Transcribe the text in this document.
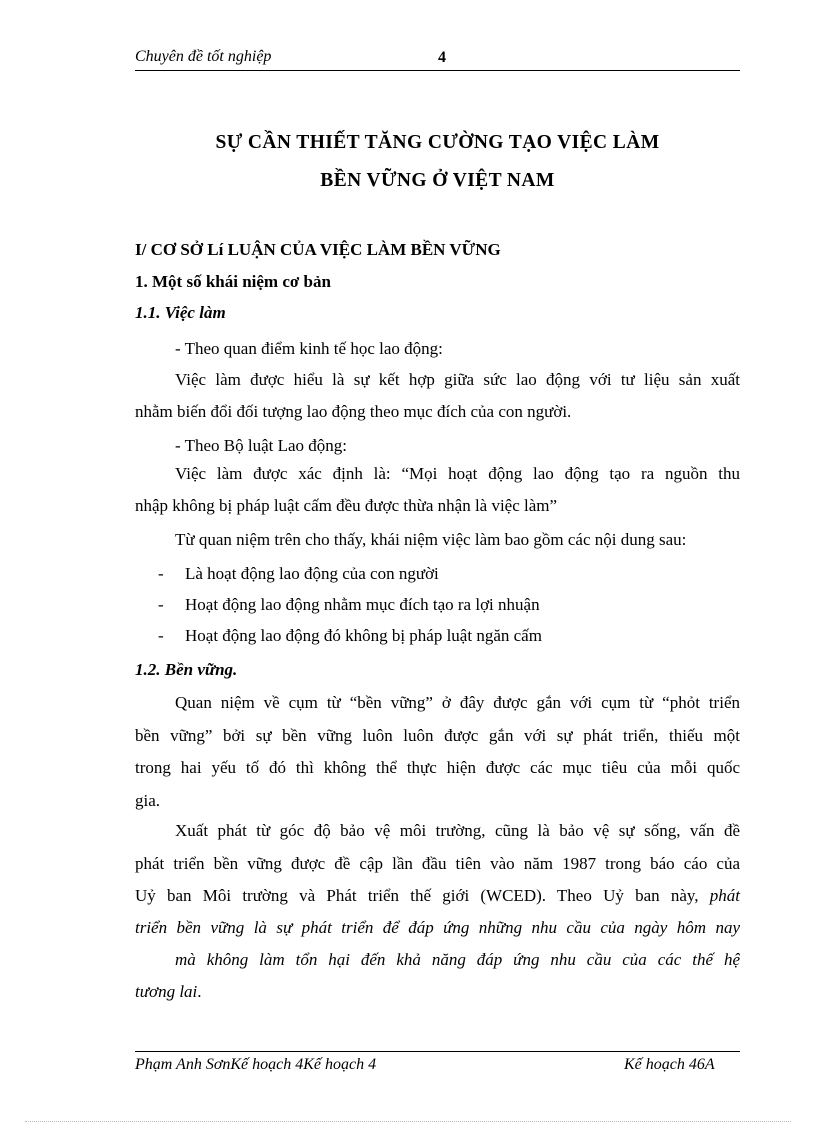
Chuyên đề tốt nghiệp	4
SỰ CẦN THIẾT TĂNG CƯỜNG TẠO VIỆC LÀM
BỀN VỮNG Ở VIỆT NAM
I/ CƠ SỞ Lí LUẬN CỦA VIỆC LÀM BỀN VỮNG
1. Một số khái niệm cơ bản
1.1. Việc làm
- Theo quan điểm kinh tế học lao động:
Việc làm được hiểu là sự kết hợp giữa sức lao động với tư liệu sản xuất
nhằm biến đổi đối tượng lao động theo mục đích của con người.
- Theo Bộ luật Lao động:
Việc làm được xác định là: “Mọi hoạt động lao động tạo ra nguồn thu
nhập không bị pháp luật cấm đều được thừa nhận là việc làm”
Từ quan niệm trên cho thấy, khái niệm việc làm bao gồm các nội dung sau:
- Là hoạt động lao động của con người
- Hoạt động lao động nhằm mục đích tạo ra lợi nhuận
- Hoạt động lao động đó không bị pháp luật ngăn cấm
1.2. Bền vững.
Quan niệm về cụm từ “bền vững” ở đây được gắn với cụm từ “phỏt triển
bền vững” bởi sự bền vững luôn luôn được gắn với sự phát triển, thiếu một
trong hai yếu tố đó thì không thể thực hiện được các mục tiêu của mỗi quốc
gia.
Xuất phát từ góc độ bảo vệ môi trường, cũng là bảo vệ sự sống, vấn đề
phát triển bền vững được đề cập lần đầu tiên vào năm 1987 trong báo cáo của
Uỷ ban Môi trường và Phát triển thế giới (WCED). Theo Uỷ ban này, phát
triển bền vững là sự phát triển để đáp ứng những nhu cầu của ngày hôm nay
mà không làm tổn hại đến khả năng đáp ứng nhu cầu của các thế hệ
tương lai.
Phạm Anh SơnKế hoạch 4Kế hoạch 4	Kế hoạch 46A
